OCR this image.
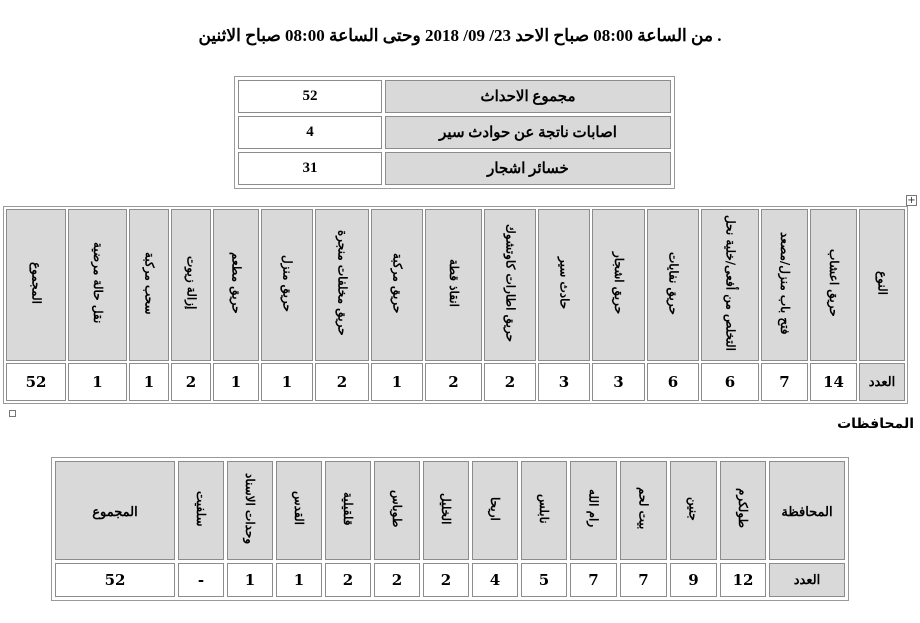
من الساعة 08:00 صباح الاحد 23/ 09/ 2018 وحتى الساعة 08:00 صباح الاثنين .
مجموع الاحداث	52
اصابات ناتجة عن حوادث سير	4
خسائر اشجار	31
+
النوع	حريق اعشاب	فتح باب منزل/مصعد	التخلص من أفعى/خلية نحل	حريق نفايات	حريق اشجار	حادث سير	حريق اطارات كاوتشوك	انقاذ قطة	حريق مركبة	حريق مخلفات منجرة	حريق منزل	حريق مطعم	إزالة زيوت	سحب مركبة	نقل حالة مرضية	المجموع
العدد	14	7	6	6	3	3	2	2	1	2	1	1	2	1	1	52
المحافظات
المحافظة	طولكرم	جنين	بيت لحم	رام الله	نابلس	اريحا	الخليل	طوباس	قلقيلية	القدس	وحدات الاسناد	سلفيت	المجموع
العدد	12	9	7	7	5	4	2	2	2	1	1	-	52
